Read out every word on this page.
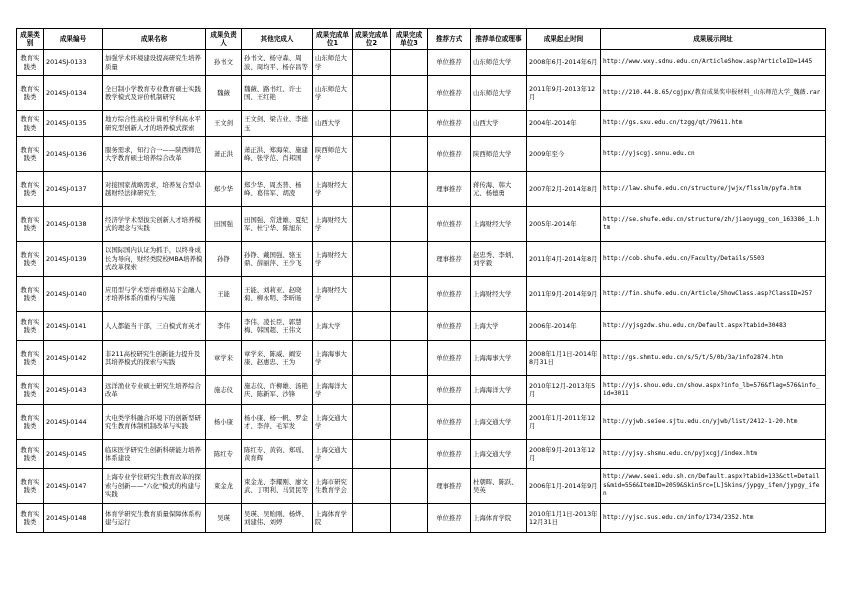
成果类别	成果编号	成果名称	成果负责人	其他完成人	成果完成单位1	成果完成单位2	成果完成单位3	推荐方式	推荐单位或理事	成果起止时间	成果展示网址
教育实践类	2014SJ-0133	加强学术环境建设提高研究生培养质量	孙书文	孙书文、杨守森、周波、周均平、杨存昌等	山东师范大学			单位推荐	山东师范大学	2008年6月-2014年6月	http://www.wxy.sdnu.edu.cn/ArticleShow.asp?ArticleID=1445
教育实践类	2014SJ-0134	全日制小学教育专业教育硕士实践教学模式及评价机制研究	魏薇	魏薇、路书红、许士国、王红艳	山东师范大学			单位推荐	山东师范大学	2011年9月-2013年12月	http://210.44.8.65/cgjpx/教育成果奖申报材料_山东师范大学_魏薇.rar
教育实践类	2014SJ-0135	地方综合性高校计算机学科高水平研究型创新人才的培养模式探索	王文剑	王文剑、梁吉业、李德玉	山西大学			单位推荐	山西大学	2004年-2014年	http://gs.sxu.edu.cn/tzgg/qt/79611.htm
教育实践类	2014SJ-0136	服务需求，知行合一——陕西师范大学教育硕士培养综合改革	萧正洪	萧正洪、郑海荣、施建峰、张学范、肖邦国	陕西师范大学			单位推荐	陕西师范大学	2009年至今	http://yjscgj.snnu.edu.cn
教育实践类	2014SJ-0137	对接国家战略需求，培养复合型卓越财经法律研究生	郑少华	郑少华、周杰普、杨峰、葛伟军、胡凌	上海财经大学			理事推荐	蒋传海、韩大元、杨德勇	2007年2月-2014年8月	http://law.shufe.edu.cn/structure/jwjx/flsslm/pyfa.htm
教育实践类	2014SJ-0138	经济学学术型拔尖创新人才培养模式的理念与实践	田国强	田国强、常进雄、夏纪军、杜宁华、陈旭东	上海财经大学			单位推荐	上海财经大学	2005年-2014年	http://se.shufe.edu.cn/structure/zh/jiaoyugg_con_163386_1.htm
教育实践类	2014SJ-0139	以国际国内认证为抓手，以终身成长为导向，财经类院校MBA培养模式改革探索	孙铮	孙铮、戴国强、骆玉鼎、薛丽萍、王少飞	上海财经大学			理事推荐	赵忠秀、李炳、刘学毅	2011年4月-2014年8月	http://cob.shufe.edu.cn/Faculty/Details/5503
教育实践类	2014SJ-0140	应用型与学术型并重格局下金融人才培养体系的重构与实施	王能	王能、刘莉亚、赵晓菊、柳永明、李昕旸	上海财经大学			单位推荐	上海财经大学	2011年9月-2014年9月	http://fin.shufe.edu.cn/Article/ShowClass.asp?ClassID=257
教育实践类	2014SJ-0141	人人都能当干部，三自模式育英才	李伟	李伟、凌长臣、郭慧梅、韩国超、王伟文	上海大学			单位推荐	上海大学	2006年-2014年	http://yjsgzdw.shu.edu.cn/Default.aspx?tabid=30483
教育实践类	2014SJ-0142	非211高校研究生创新能力提升及其培养模式的探索与实践	章学来	章学来、陈威、阚安康、赵惠忠、王为	上海海事大学			单位推荐	上海海事大学	2008年1月1日-2014年8月31日	http://gs.shmtu.edu.cn/s/5/t/5/0b/3a/info2874.htm
教育实践类	2014SJ-0143	远洋渔业专业硕士研究生培养综合改革	施志仪	施志仪、许柳雄、汤艳庆、陈新军、沙锋	上海海洋大学			单位推荐	上海海洋大学	2010年12月-2013年5月	http://yjs.shou.edu.cn/show.aspx?info_lb=576&flag=576&info_id=3011
教育实践类	2014SJ-0144	大电类学科融合环境下的创新型研究生教育体制机制改革与实践	杨小康	杨小康、杨一帆、罗金才、李萍、毛军发	上海交通大学			单位推荐	上海交通大学	2001年1月-2011年12月	http://yjwb.seiee.sjtu.edu.cn/yjwb/list/2412-1-20.htm
教育实践类	2014SJ-0145	临床医学研究生创新科研能力培养体系建设	陈红专	陈红专、黄钧、郑瑶、黄育辉	上海交通大学			单位推荐	上海交通大学	2008年9月-2013年12月	http://yjsy.shsmu.edu.cn/pyjxcgj/index.htm
教育实践类	2014SJ-0147	上海专业学位研究生教育改革的探索与创新——"六化"模式的构建与实践	束金龙	束金龙、李耀刚、廖文武、丁明利、马贤民等	上海市研究生教育学会			理事推荐	杜朝晖、陈跃、吴英	2006年1月-2014年9月	http://www.seei.edu.sh.cn/Default.aspx?tabid=133&ctl=Details&mid=556&ItemID=2059&SkinSrc=[L]Skins/jypgy_ifen/jypgy_ifen
教育实践类	2014SJ-0148	体育学研究生教育质量保障体系构建与运行	吴瑛	吴瑛、吴贻刚、杨烨、刘建伟、刘婷	上海体育学院			单位推荐	上海体育学院	2010年1月1日-2013年12月31日	http://yjsc.sus.edu.cn/info/1734/2352.htm
